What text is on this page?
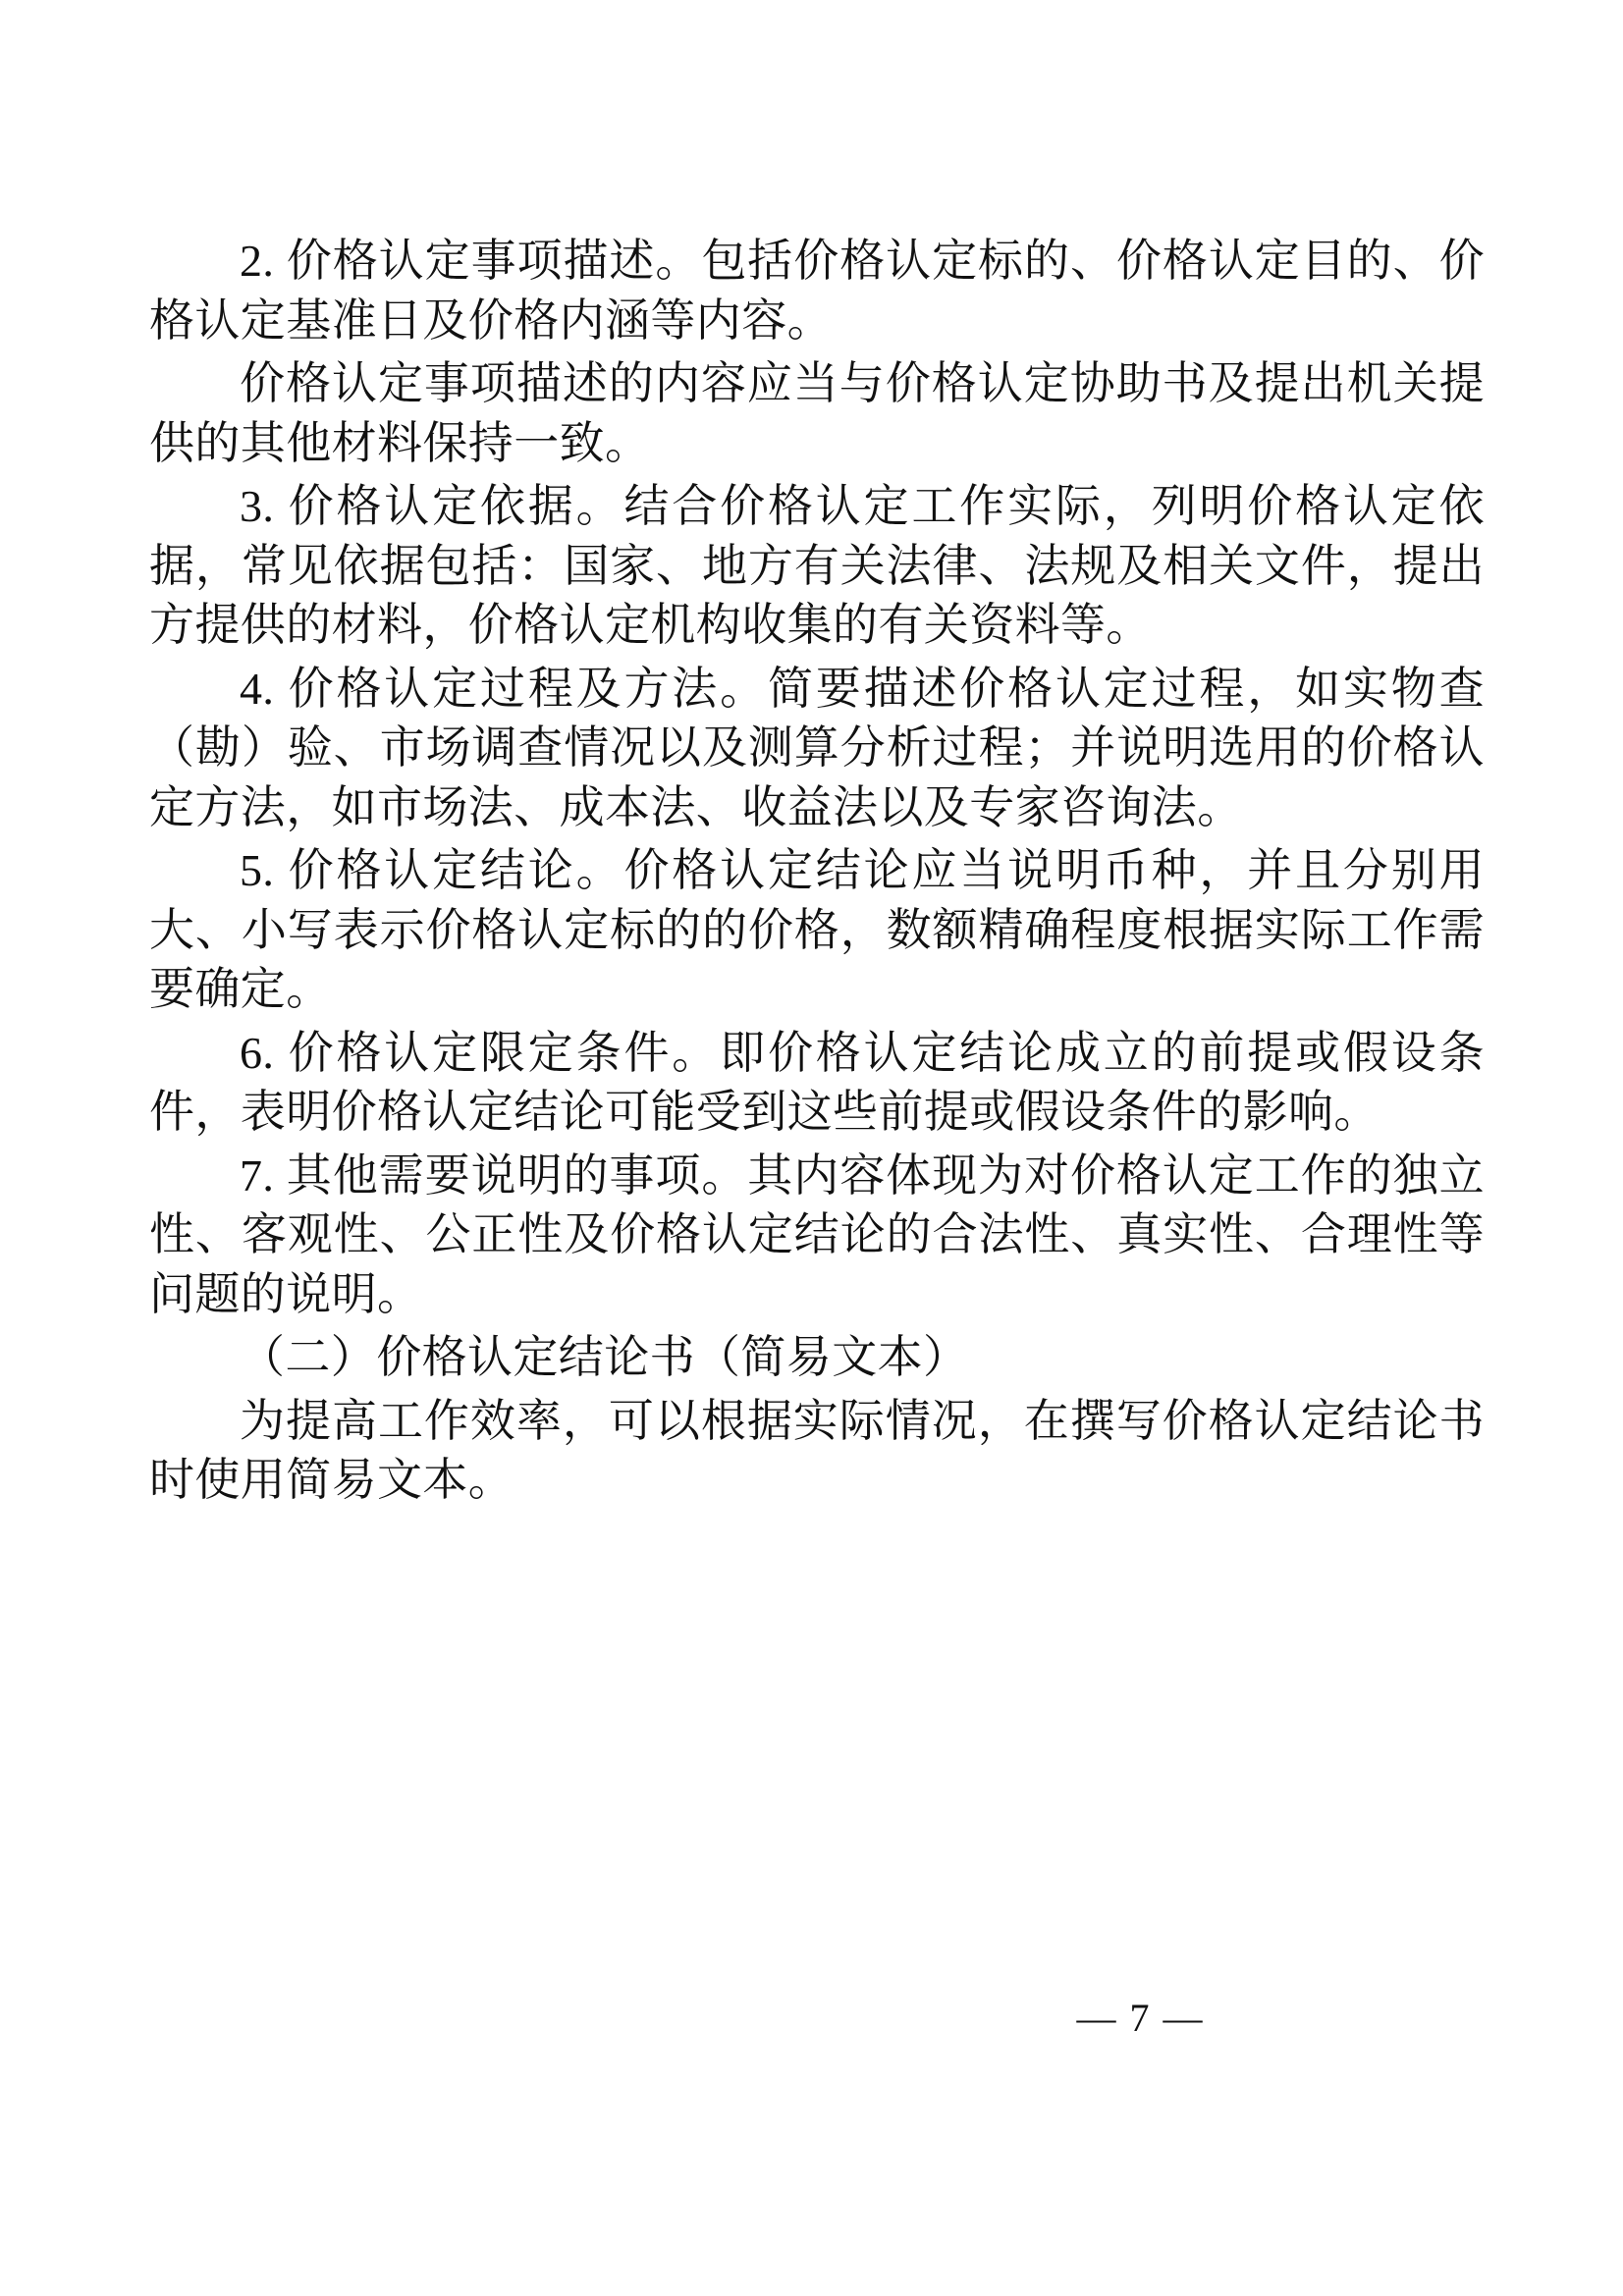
2. 价格认定事项描述。包括价格认定标的、价格认定目的、价格认定基准日及价格内涵等内容。

价格认定事项描述的内容应当与价格认定协助书及提出机关提供的其他材料保持一致。

3. 价格认定依据。结合价格认定工作实际，列明价格认定依据，常见依据包括：国家、地方有关法律、法规及相关文件，提出方提供的材料，价格认定机构收集的有关资料等。

4. 价格认定过程及方法。简要描述价格认定过程，如实物查（勘）验、市场调查情况以及测算分析过程；并说明选用的价格认定方法，如市场法、成本法、收益法以及专家咨询法。

5. 价格认定结论。价格认定结论应当说明币种，并且分别用大、小写表示价格认定标的的价格，数额精确程度根据实际工作需要确定。

6. 价格认定限定条件。即价格认定结论成立的前提或假设条件，表明价格认定结论可能受到这些前提或假设条件的影响。

7. 其他需要说明的事项。其内容体现为对价格认定工作的独立性、客观性、公正性及价格认定结论的合法性、真实性、合理性等问题的说明。

（二）价格认定结论书（简易文本）

为提高工作效率，可以根据实际情况，在撰写价格认定结论书时使用简易文本。

— 7 —
